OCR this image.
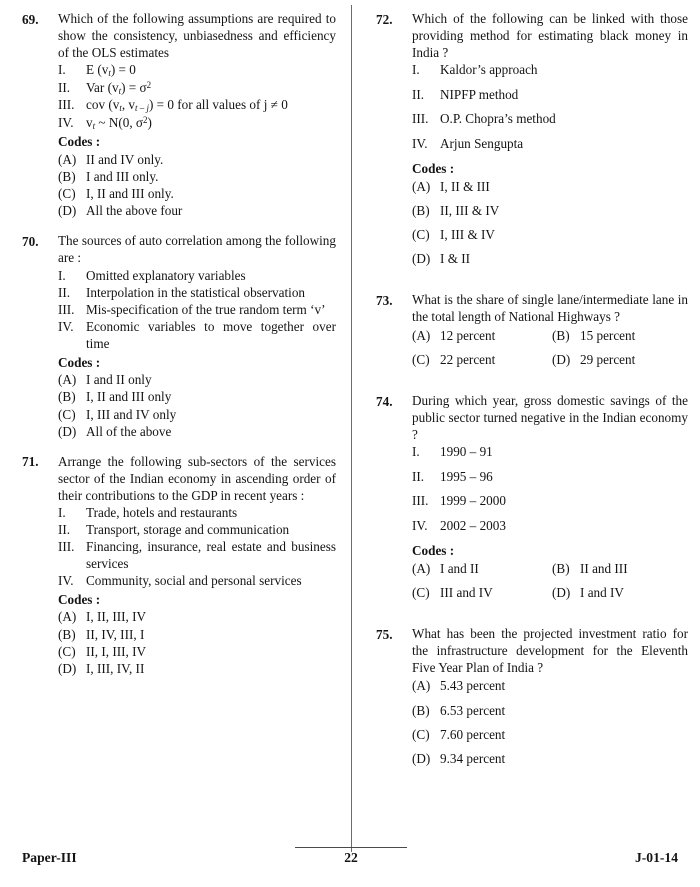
69.	Which of the following assumptions are required to show the consistency, unbiasedness and efficiency of the OLS estimates

I.	E $(v_t) = 0$
II.	Var $(v_t) = \sigma^2$
III. cov ($v_t$, $v_{t - j}) = 0$ for all values of j ≠ 0
IV. $v_t$ ~ N(0, $\sigma^2$)
Codes :
(A) II and IV only.
(B) I and III only.
(C) I, II and III only.
(D) All the above four
70.	The sources of auto correlation among the following are :

I.	Omitted explanatory variables
II.	Interpolation in the statistical observation
III. Mis-specification of the true random term ‘v’
IV. Economic variables to move together over time
Codes :
(A) I and II only
(B) I, II and III only
(C) I, III and IV only
(D) All of the above
71.	Arrange the following sub-sectors of the services sector of the Indian economy in ascending order of their contributions to the GDP in recent years :

I.	Trade, hotels and restaurants
II.	Transport, storage and communication
III. Financing, insurance, real estate and business services
IV. Community, social and personal services
Codes :
(A) I, II, III, IV
(B) II, IV, III, I
(C) II, I, III, IV
(D) I, III, IV, II
72.	Which of the following can be linked with those providing method for estimating black money in India ?

I.	Kaldor’s approach
II.	NIPFP method
III. O.P. Chopra’s method
IV. Arjun Sengupta
Codes :
(A) I, II & III
(B) II, III & IV
(C) I, III & IV
(D) I & II
73.	What is the share of single lane/intermediate lane in the total length of National Highways ?

(A) 12 percent	(B) 15 percent
(C) 22 percent	(D) 29 percent
74.	During which year, gross domestic savings of the public sector turned negative in the Indian economy ?

I.	1990 – 91
II.	1995 – 96
III. 1999 – 2000
IV. 2002 – 2003
Codes :
(A) I and II	(B) II and III
(C) III and IV	(D) I and IV
75.	What has been the projected investment ratio for the infrastructure development for the Eleventh Five Year Plan of India ?

(A) 5.43 percent
(B) 6.53 percent
(C) 7.60 percent
(D) 9.34 percent
Paper-III	22	J-01-14
